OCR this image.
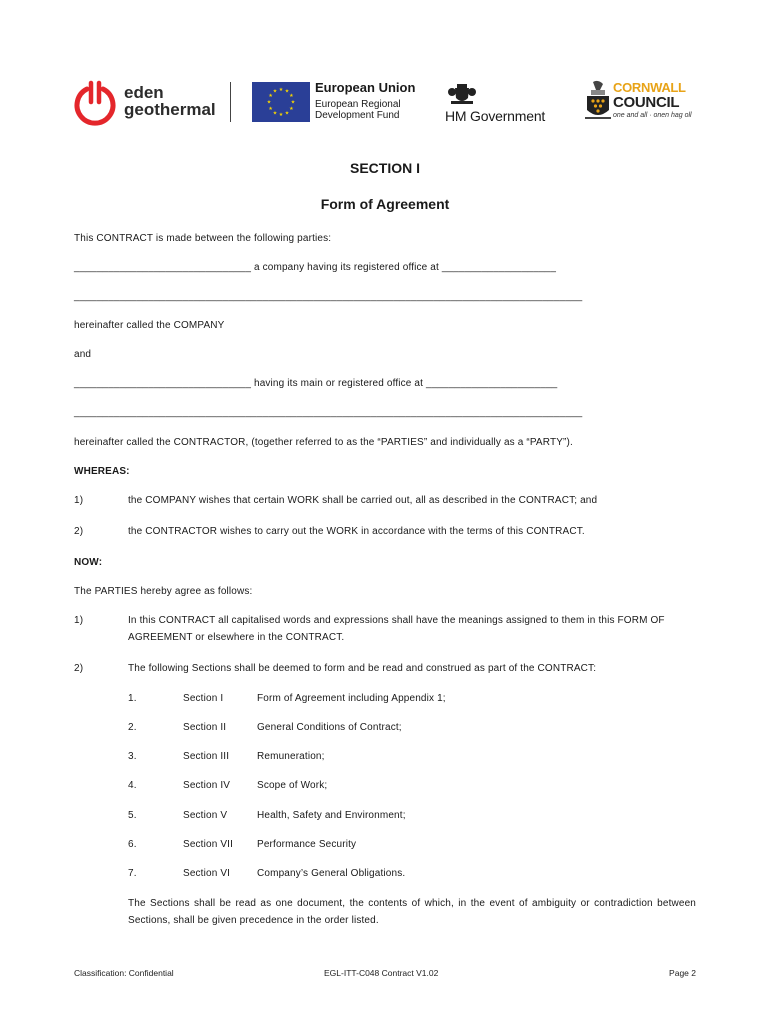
eden
geothermal
★ ★
★
★
★
★
★
★
★
★
★
★	European Union
European Regional
Development Fund	HM Government
CORNWALL
COUNCIL
one and all · onen hag oll
SECTION I
Form of Agreement
This CONTRACT is made between the following parties:
_______________________________ a company having its registered office at ____________________
_________________________________________________________________________________________
hereinafter called the COMPANY
and
_______________________________ having its main or registered office at _______________________
_________________________________________________________________________________________
hereinafter called the CONTRACTOR, (together referred to as the “PARTIES” and individually as a “PARTY”).
WHEREAS:
1)	the COMPANY wishes that certain WORK shall be carried out, all as described in the CONTRACT; and
2)	the CONTRACTOR wishes to carry out the WORK in accordance with the terms of this CONTRACT.
NOW:
The PARTIES hereby agree as follows:
1)	In this CONTRACT all capitalised words and expressions shall have the meanings assigned to them in this FORM OF AGREEMENT or elsewhere in the CONTRACT.
2)	The following Sections shall be deemed to form and be read and construed as part of the CONTRACT:
1.	Section I	Form of Agreement including Appendix 1;
2.	Section II	General Conditions of Contract;
3.	Section III	Remuneration;
4.	Section IV	Scope of Work;
5.	Section V	Health, Safety and Environment;
6.	Section VII Performance Security
7.	Section VI	Company’s General Obligations.
The Sections shall be read as one document, the contents of which, in the event of ambiguity or contradiction between Sections, shall be given precedence in the order listed.
Classification: Confidential	EGL-ITT-C048 Contract V1.02	Page 2
